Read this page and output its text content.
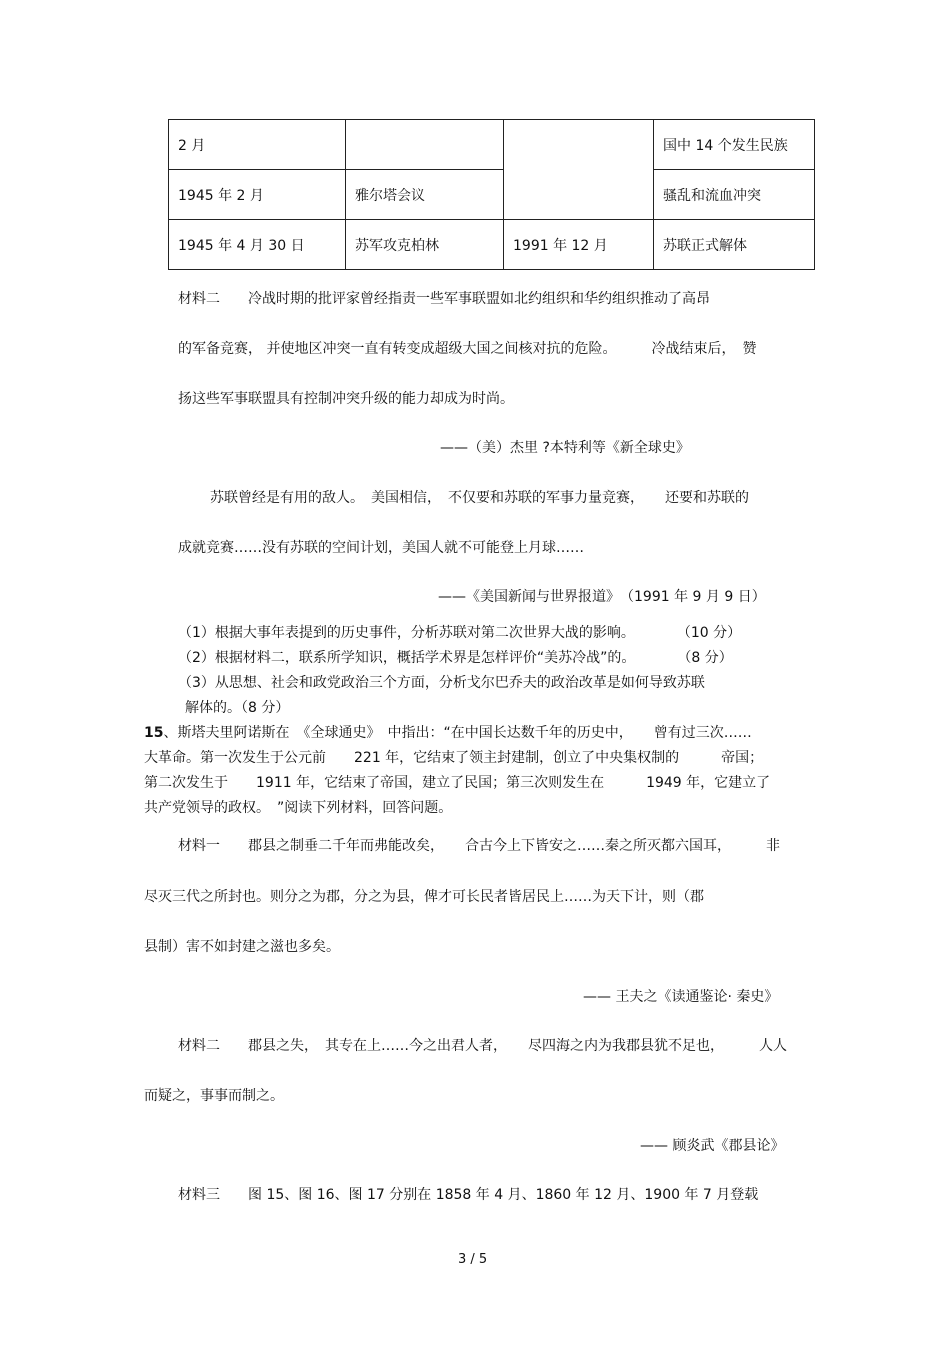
2 月			国中 14 个发生民族
1945 年 2 月	雅尔塔会议		骚乱和流血冲突
1945 年 4 月 30 日	苏军攻克柏林	1991 年 12 月	苏联正式解体
材料二　　冷战时期的批评家曾经指责一些军事联盟如北约组织和华约组织推动了高昂
的军备竞赛， 并使地区冲突一直有转变成超级大国之间核对抗的危险。　　　冷战结束后，　赞
扬这些军事联盟具有控制冲突升级的能力却成为时尚。
——（美）杰里 ?本特利等《新全球史》
苏联曾经是有用的敌人。　美国相信，　不仅要和苏联的军事力量竞赛，　　还要和苏联的
成就竞赛……没有苏联的空间计划，美国人就不可能登上月球……
——《美国新闻与世界报道》　（1991 年 9 月 9 日）
（1）根据大事年表提到的历史事件，分析苏联对第二次世界大战的影响。　　　　（10 分）
（2）根据材料二，联系所学知识，概括学术界是怎样评价“美苏冷战”的。　　　　（8 分）
（3）从思想、社会和政党政治三个方面，分析戈尔巴乔夫的政治改革是如何导致苏联
解体的。（8 分）
15、斯塔夫里阿诺斯在　《全球通史》　中指出：“在中国长达数千年的历史中，　　曾有过三次……
大革命。第一次发生于公元前　　221 年，它结束了领主封建制，创立了中央集权制的　　　帝国；
第二次发生于　　1911 年，它结束了帝国，建立了民国；第三次则发生在　　　1949 年，它建立了
共产党领导的政权。　”阅读下列材料，回答问题。
材料一　　郡县之制垂二千年而弗能改矣，　　合古今上下皆安之……秦之所灭都六国耳，　　　非
尽灭三代之所封也。则分之为郡，分之为县，俾才可长民者皆居民上……为天下计，则（郡
县制）害不如封建之滋也多矣。
—— 王夫之《读通鉴论· 秦史》
材料二　　郡县之失，　其专在上……今之出君人者，　　尽四海之内为我郡县犹不足也，　　　人人
而疑之，事事而制之。
—— 顾炎武《郡县论》
材料三　　图 15、图 16、图 17 分别在 1858 年 4 月、1860 年 12 月、1900 年 7 月登载
3 / 5
